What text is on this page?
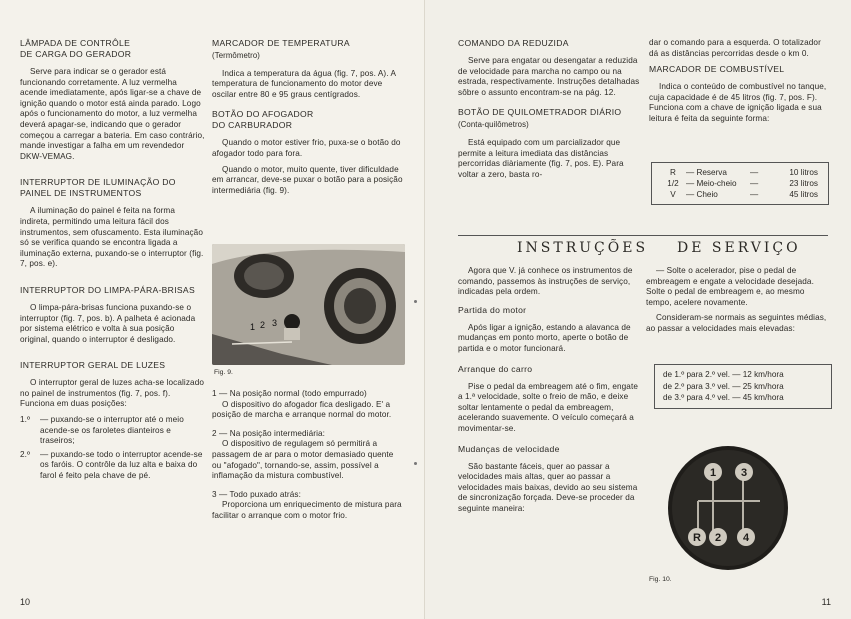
LÂMPADA DE CONTRÔLE
DE CARGA DO GERADOR

Serve para indicar se o gerador está funcionando corretamente. A luz vermelha acende imediatamente, após ligar-se a chave de ignição quando o motor está ainda parado. Logo após o funcionamento do motor, a luz vermelha deverá apagar-se, indicando que o gerador começou a carregar a bateria. Em caso contrário, mande investigar a falha em um revendedor DKW-VEMAG.

INTERRUPTOR DE ILUMINAÇÃO DO
PAINEL DE INSTRUMENTOS

A iluminação do painel é feita na forma indireta, permitindo uma leitura fácil dos instrumentos, sem ofuscamento. Esta iluminação só se verifica quando se encontra ligada a iluminação externa, puxando-se o interruptor (fig. 7, pos. e).

INTERRUPTOR DO LIMPA-PÁRA-BRISAS

O limpa-pára-brisas funciona puxando-se o interruptor (fig. 7, pos. b). A palheta é acionada por sistema elétrico e volta à sua posição original, quando o interruptor é desligado.

INTERRUPTOR GERAL DE LUZES

O interruptor geral de luzes acha-se localizado no painel de instrumentos (fig. 7, pos. f). Funciona em duas posições:

1.º	— puxando-se o interruptor até o meio acende-se os faroletes dianteiros e traseiros;
2.º	— puxando-se todo o interruptor acende-se os faróis. O contrôle da luz alta e baixa do farol é feito pela chave de pé.
MARCADOR DE TEMPERATURA
(Termômetro)

Indica a temperatura da água (fig. 7, pos. A). A temperatura de funcionamento do motor deve oscilar entre 80 e 95 graus centígrados.

BOTÃO DO AFOGADOR
DO CARBURADOR

Quando o motor estiver frio, puxa-se o botão do afogador todo para fora.

Quando o motor, muito quente, tiver dificuldade em arrancar, deve-se puxar o botão para a posição intermediária (fig. 9).

1 2 3
Fig. 9.
1 — Na posição normal (todo empurrado)

O dispositivo do afogador fica desligado. E' a posição de marcha e arranque normal do motor.

2 — Na posição intermediária:

O dispositivo de regulagem só permitirá a passagem de ar para o motor demasiado quente ou "afogado", tornando-se, assim, possível a inflamação da mistura combustível.

3 — Todo puxado atrás:

Proporciona um enriquecimento de mistura para facilitar o arranque com o motor frio.

10
COMANDO DA REDUZIDA

Serve para engatar ou desengatar a reduzida de velocidade para marcha no campo ou na estrada, respectivamente. Instruções detalhadas sôbre o assunto encontram-se na pág. 12.

BOTÃO DE QUILOMETRADOR DIÁRIO
(Conta-quilômetros)

Está equipado com um parcializador que permite a leitura imediata das distâncias percorridas diàriamente (fig. 7, pos. E). Para voltar a zero, basta ro-

dar o comando para a esquerda. O totalizador dá as distâncias percorridas desde o km 0.

MARCADOR DE COMBUSTÍVEL

Indica o conteúdo de combustível no tanque, cuja capacidade é de 45 litros (fig. 7, pos. F). Funciona com a chave de ignição ligada e sua leitura é feita da seguinte forma:

R	— Reserva	—	10 litros
1/2 — Meio-cheio	—	23 litros
V	— Cheio	—	45 litros
INSTRUÇÕES DE SERVIÇO

Agora que V. já conhece os instrumentos de comando, passemos às instruções de serviço, indicadas pela ordem.

Partida do motor

Após ligar a ignição, estando a alavanca de mudanças em ponto morto, aperte o botão de partida e o motor funcionará.

Arranque do carro

Pise o pedal da embreagem até o fim, engate a 1.ª velocidade, solte o freio de mão, e deixe soltar lentamente o pedal da embreagem, acelerando suavemente. O veículo começará a movimentar-se.

Mudanças de velocidade

São bastante fáceis, quer ao passar a velocidades mais altas, quer ao passar a velocidades mais baixas, devido ao seu sistema de sincronização forçada. Deve-se proceder da seguinte maneira:

— Solte o acelerador, pise o pedal de embreagem e engate a velocidade desejada. Solte o pedal de embreagem e, ao mesmo tempo, acelere novamente.

Consideram-se normais as seguintes médias, ao passar a velocidades mais elevadas:

de 1.º para 2.º vel. — 12 km/hora
de 2.º para 3.º vel. — 25 km/hora
de 3.º para 4.º vel. — 45 km/hora
1 3
R 2 4
Fig. 10.
11
